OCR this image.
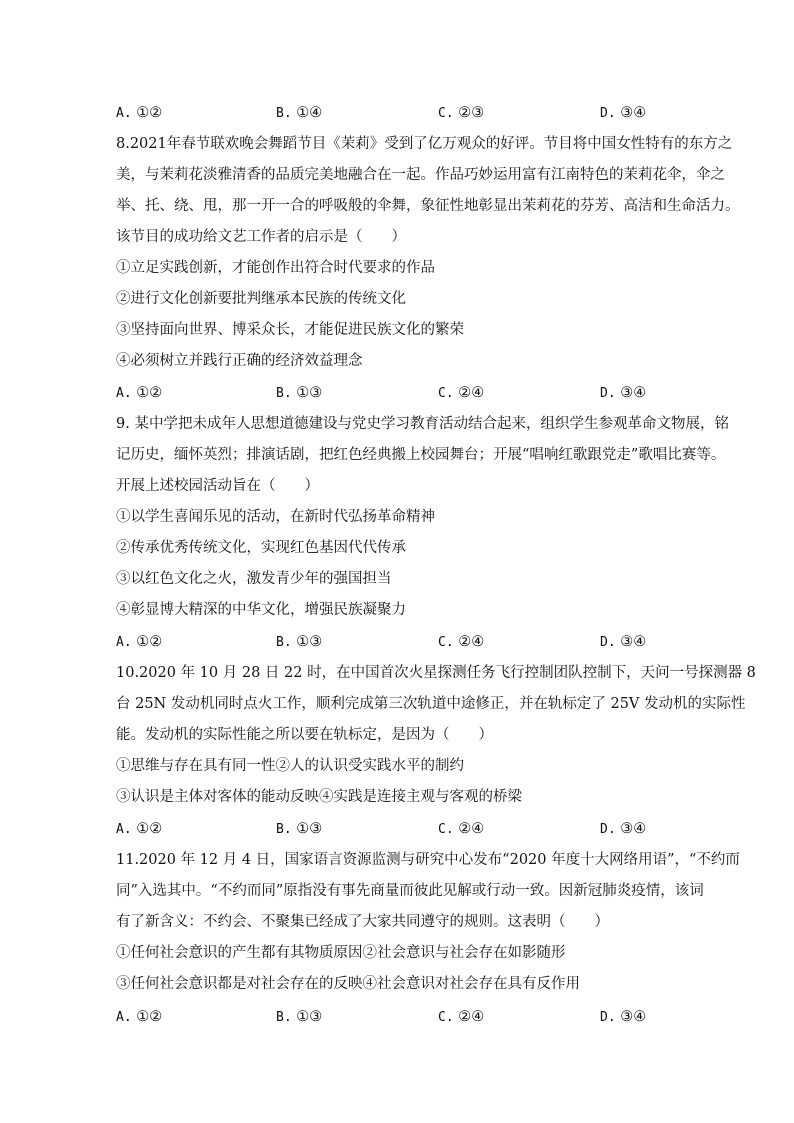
A. ①②	B. ①④	C. ②③	D. ③④
8.2021年春节联欢晚会舞蹈节目《茉莉》受到了亿万观众的好评。节目将中国女性特有的东方之
美，与茉莉花淡雅清香的品质完美地融合在一起。作品巧妙运用富有江南特色的茉莉花伞，伞之
举、托、绕、甩，那一开一合的呼吸般的伞舞，象征性地彰显出茉莉花的芬芳、高洁和生命活力。
该节目的成功给文艺工作者的启示是（　　）
①立足实践创新，才能创作出符合时代要求的作品
②进行文化创新要批判继承本民族的传统文化
③坚持面向世界、博采众长，才能促进民族文化的繁荣
④必须树立并践行正确的经济效益理念
A. ①②	B. ①③	C. ②④	D. ③④
9. 某中学把未成年人思想道德建设与党史学习教育活动结合起来，组织学生参观革命文物展，铭
记历史，缅怀英烈；排演话剧，把红色经典搬上校园舞台；开展“唱响红歌跟党走”歌唱比赛等。
开展上述校园活动旨在（　　）
①以学生喜闻乐见的活动，在新时代弘扬革命精神
②传承优秀传统文化，实现红色基因代代传承
③以红色文化之火，激发青少年的强国担当
④彰显博大精深的中华文化，增强民族凝聚力
A. ①②	B. ①③	C. ②④	D. ③④
10.2020 年 10 月 28 日 22 时，在中国首次火星探测任务飞行控制团队控制下，天问一号探测器 8
台 25N 发动机同时点火工作，顺利完成第三次轨道中途修正，并在轨标定了 25V 发动机的实际性
能。发动机的实际性能之所以要在轨标定，是因为（　　）
①思维与存在具有同一性②人的认识受实践水平的制约
③认识是主体对客体的能动反映④实践是连接主观与客观的桥梁
A. ①②	B. ①③	C. ②④	D. ③④
11.2020 年 12 月 4 日，国家语言资源监测与研究中心发布“2020 年度十大网络用语”，“不约而
同”入选其中。“不约而同”原指没有事先商量而彼此见解或行动一致。因新冠肺炎疫情，该词
有了新含义：不约会、不聚集已经成了大家共同遵守的规则。这表明（　　）
①任何社会意识的产生都有其物质原因②社会意识与社会存在如影随形
③任何社会意识都是对社会存在的反映④社会意识对社会存在具有反作用
A. ①②	B. ①③	C. ②④	D. ③④
